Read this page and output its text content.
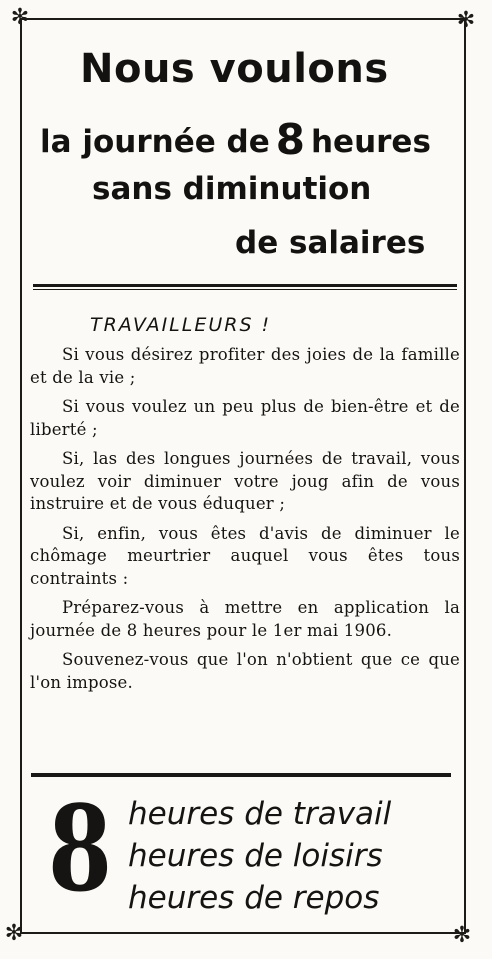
✻	✻
✻	✻
Nous voulons
la journée de 8 heures
sans diminution
de salaires
TRAVAILLEURS !

Si vous désirez profiter des joies de la famille et de la vie ;

Si vous voulez un peu plus de bien-être et de liberté ;

Si, las des longues journées de travail, vous voulez voir diminuer votre joug afin de vous instruire et de vous éduquer ;

Si, enfin, vous êtes d'avis de diminuer le chômage meurtrier auquel vous êtes tous contraints :

Préparez-vous à mettre en application la journée de 8 heures pour le 1er mai 1906.

Souvenez-vous que l'on n'obtient que ce que l'on impose.

8 heures de travail
heures de loisirs
heures de repos
